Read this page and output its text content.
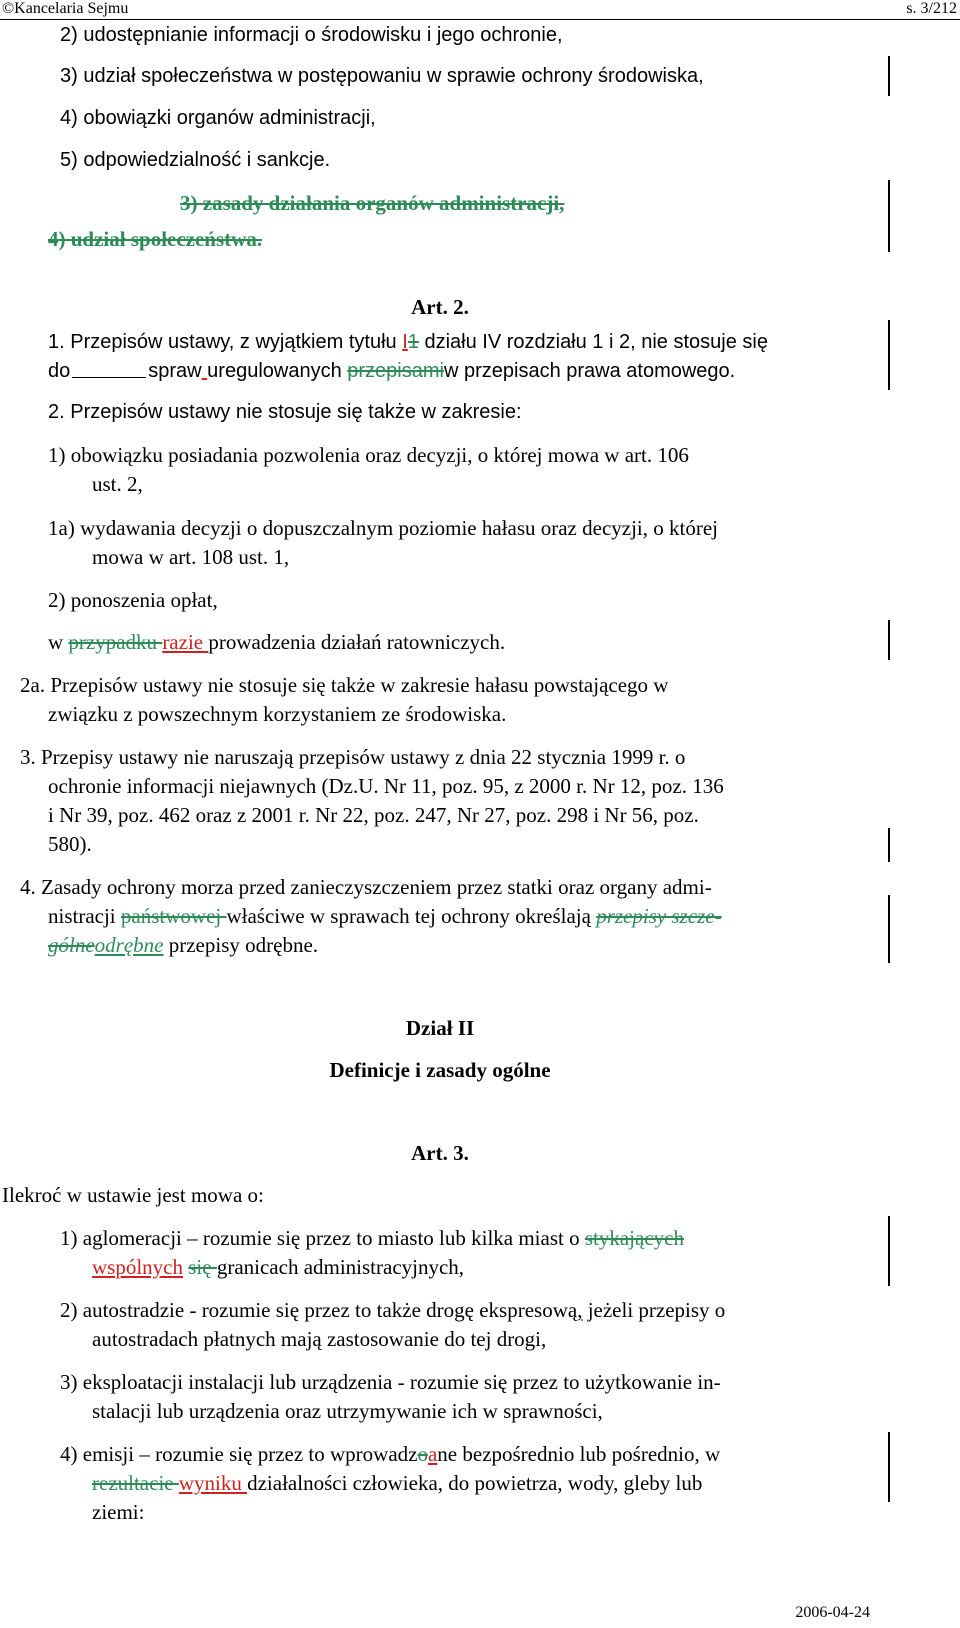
©Kancelaria Sejmu	s. 3/212
2) udostępnianie informacji o środowisku i jego ochronie,
3) udział społeczeństwa w postępowaniu w sprawie ochrony środowiska,
4) obowiązki organów administracji,
5) odpowiedzialność i sankcje.
3) zasady działania organów administracji,
4) udział społeczeństwa.
Art. 2.
1. Przepisów ustawy, z wyjątkiem tytułu I1 działu IV rozdziału 1 i 2, nie stosuje się
do	spraw uregulowanych przepisamiw przepisach prawa atomowego.
2. Przepisów ustawy nie stosuje się także w zakresie:
1) obowiązku posiadania pozwolenia oraz decyzji, o której mowa w art. 106
ust. 2,
1a) wydawania decyzji o dopuszczalnym poziomie hałasu oraz decyzji, o której
mowa w art. 108 ust. 1,
2) ponoszenia opłat,
w przypadku razie prowadzenia działań ratowniczych.
2a. Przepisów ustawy nie stosuje się także w zakresie hałasu powstającego w
związku z powszechnym korzystaniem ze środowiska.
3. Przepisy ustawy nie naruszają przepisów ustawy z dnia 22 stycznia 1999 r. o
ochronie informacji niejawnych (Dz.U. Nr 11, poz. 95, z 2000 r. Nr 12, poz. 136
i Nr 39, poz. 462 oraz z 2001 r. Nr 22, poz. 247, Nr 27, poz. 298 i Nr 56, poz.
580).
4. Zasady ochrony morza przed zanieczyszczeniem przez statki oraz organy admi-
nistracji państwowej właściwe w sprawach tej ochrony określają przepisy szcze-
gólneodrębne przepisy odrębne.
Dział II
Definicje i zasady ogólne
Art. 3.
Ilekroć w ustawie jest mowa o:
1) aglomeracji – rozumie się przez to miasto lub kilka miast o stykających
wspólnych się granicach administracyjnych,
2) autostradzie - rozumie się przez to także drogę ekspresową, jeżeli przepisy o
autostradach płatnych mają zastosowanie do tej drogi,
3) eksploatacji instalacji lub urządzenia - rozumie się przez to użytkowanie in-
stalacji lub urządzenia oraz utrzymywanie ich w sprawności,
4) emisji – rozumie się przez to wprowadzoane bezpośrednio lub pośrednio, w
rezultacie wyniku działalności człowieka, do powietrza, wody, gleby lub
ziemi:
2006-04-24
